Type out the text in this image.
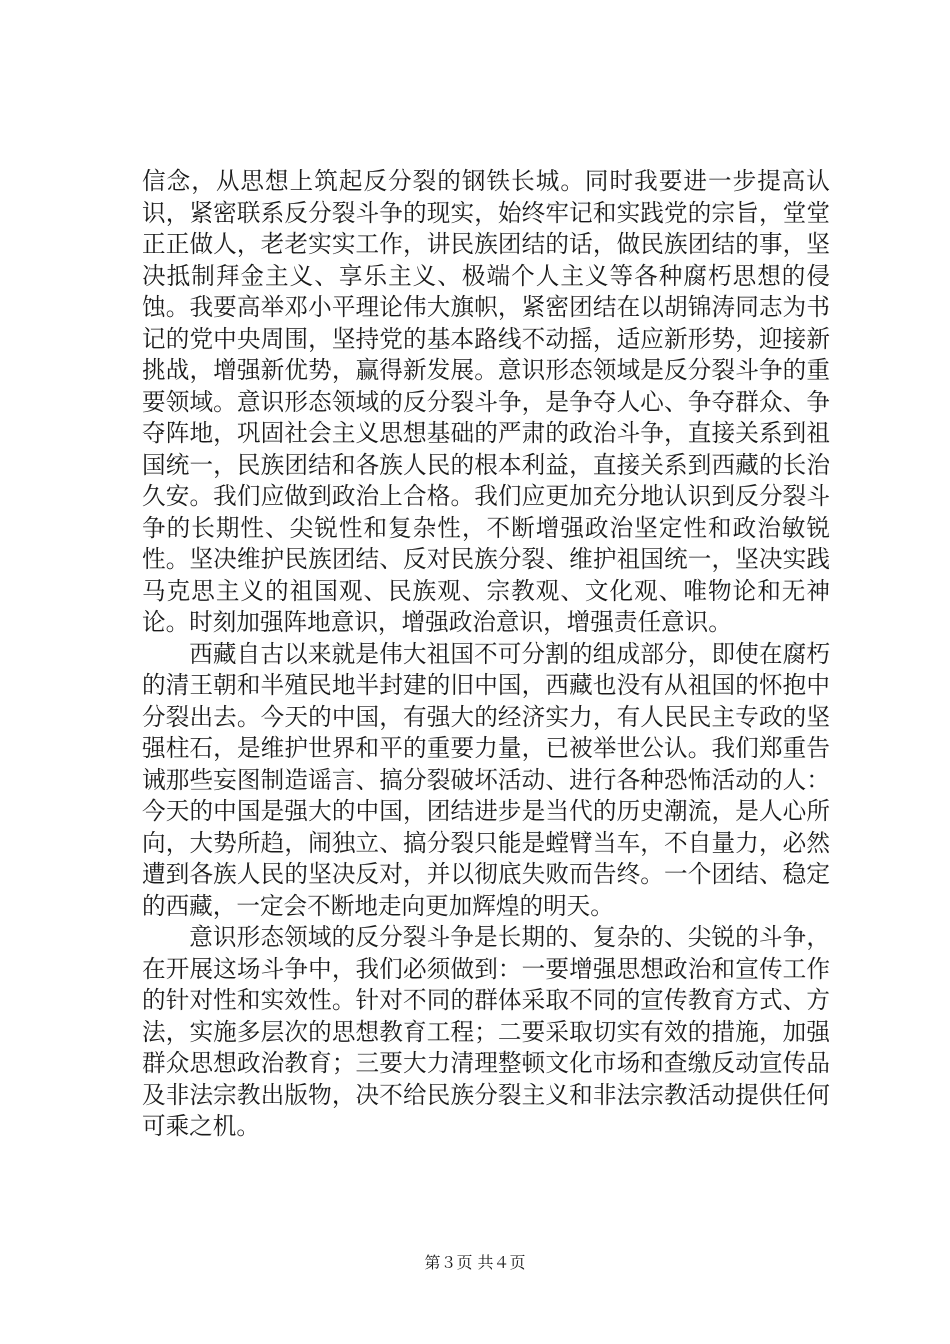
信念，从思想上筑起反分裂的钢铁长城。同时我要进一步提高认识，紧密联系反分裂斗争的现实，始终牢记和实践党的宗旨，堂堂正正做人，老老实实工作，讲民族团结的话，做民族团结的事，坚决抵制拜金主义、享乐主义、极端个人主义等各种腐朽思想的侵蚀。我要高举邓小平理论伟大旗帜，紧密团结在以胡锦涛同志为书记的党中央周围，坚持党的基本路线不动摇，适应新形势，迎接新挑战，增强新优势，赢得新发展。意识形态领域是反分裂斗争的重要领域。意识形态领域的反分裂斗争，是争夺人心、争夺群众、争夺阵地，巩固社会主义思想基础的严肃的政治斗争，直接关系到祖国统一，民族团结和各族人民的根本利益，直接关系到西藏的长治久安。我们应做到政治上合格。我们应更加充分地认识到反分裂斗争的长期性、尖锐性和复杂性，不断增强政治坚定性和政治敏锐性。坚决维护民族团结、反对民族分裂、维护祖国统一，坚决实践马克思主义的祖国观、民族观、宗教观、文化观、唯物论和无神论。时刻加强阵地意识，增强政治意识，增强责任意识。

西藏自古以来就是伟大祖国不可分割的组成部分，即使在腐朽的清王朝和半殖民地半封建的旧中国，西藏也没有从祖国的怀抱中分裂出去。今天的中国，有强大的经济实力，有人民民主专政的坚强柱石，是维护世界和平的重要力量，已被举世公认。我们郑重告诫那些妄图制造谣言、搞分裂破坏活动、进行各种恐怖活动的人：今天的中国是强大的中国，团结进步是当代的历史潮流，是人心所向，大势所趋，闹独立、搞分裂只能是螳臂当车，不自量力，必然遭到各族人民的坚决反对，并以彻底失败而告终。一个团结、稳定的西藏，一定会不断地走向更加辉煌的明天。

意识形态领域的反分裂斗争是长期的、复杂的、尖锐的斗争，在开展这场斗争中，我们必须做到：一要增强思想政治和宣传工作的针对性和实效性。针对不同的群体采取不同的宣传教育方式、方法，实施多层次的思想教育工程；二要采取切实有效的措施，加强群众思想政治教育；三要大力清理整顿文化市场和查缴反动宣传品及非法宗教出版物，决不给民族分裂主义和非法宗教活动提供任何可乘之机。

第３页 共４页
